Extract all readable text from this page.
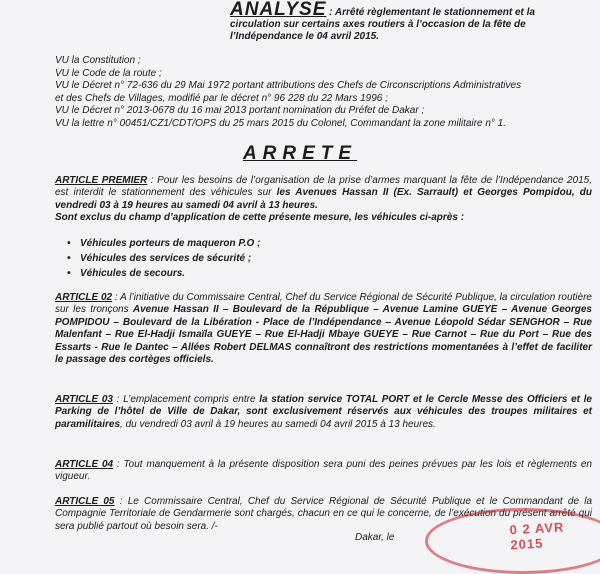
ANALYSE : Arrêté règlementant le stationnement et la

circulation sur certains axes routiers à l’occasion de la fête de

l’Indépendance le 04 avril 2015.

VU la Constitution ;

VU le Code de la route ;

VU le Décret n° 72-636 du 29 Mai 1972 portant attributions des Chefs de Circonscriptions Administratives

et des Chefs de Villages, modifié par le décret n° 96 228 du 22 Mars 1996 ;

VU le Décret n° 2013-0678 du 16 mai 2013 portant nomination du Préfet de Dakar ;

VU la lettre n° 00451/CZ1/CDT/OPS du 25 mars 2015 du Colonel, Commandant la zone militaire n° 1.

ARRETE

ARTICLE PREMIER : Pour les besoins de l’organisation de la prise d’armes marquant la fête de l’Indépendance 2015, est interdit le stationnement des véhicules sur les Avenues Hassan II (Ex. Sarrault) et Georges Pompidou, du vendredi 03 à 19 heures au samedi 04 avril à 13 heures.

Sont exclus du champ d’application de cette présente mesure, les véhicules ci-après :

• Véhicules porteurs de maqueron P.O ;
• Véhicules des services de sécurité ;
• Véhicules de secours.

ARTICLE 02 : A l’initiative du Commissaire Central, Chef du Service Régional de Sécurité Publique, la circulation routière sur les tronçons Avenue Hassan II – Boulevard de la République – Avenue Lamine GUEYE – Avenue Georges POMPIDOU – Boulevard de la Libération - Place de l’Indépendance – Avenue Léopold Sédar SENGHOR – Rue Malenfant – Rue El-Hadji Ismaïla GUEYE – Rue El-Hadji Mbaye GUEYE – Rue Carnot – Rue du Port – Rue des Essarts - Rue le Dantec – Allées Robert DELMAS connaîtront des restrictions momentanées à l’effet de faciliter le passage des cortèges officiels.

ARTICLE 03 : L’emplacement compris entre la station service TOTAL PORT et le Cercle Messe des Officiers et le Parking de l’hôtel de Ville de Dakar, sont exclusivement réservés aux véhicules des troupes militaires et paramilitaires, du vendredi 03 avril à 19 heures au samedi 04 avril 2015 à 13 heures.

ARTICLE 04 : Tout manquement à la présente disposition sera puni des peines prévues par les lois et règlements en vigueur.

ARTICLE 05 : Le Commissaire Central, Chef du Service Régional de Sécurité Publique et le Commandant de la Compagnie Territoriale de Gendarmerie sont chargés, chacun en ce qui le concerne, de l’exécution du présent arrêté qui sera publié partout où besoin sera. /-	0 2 AVR 2015
Dakar, le
